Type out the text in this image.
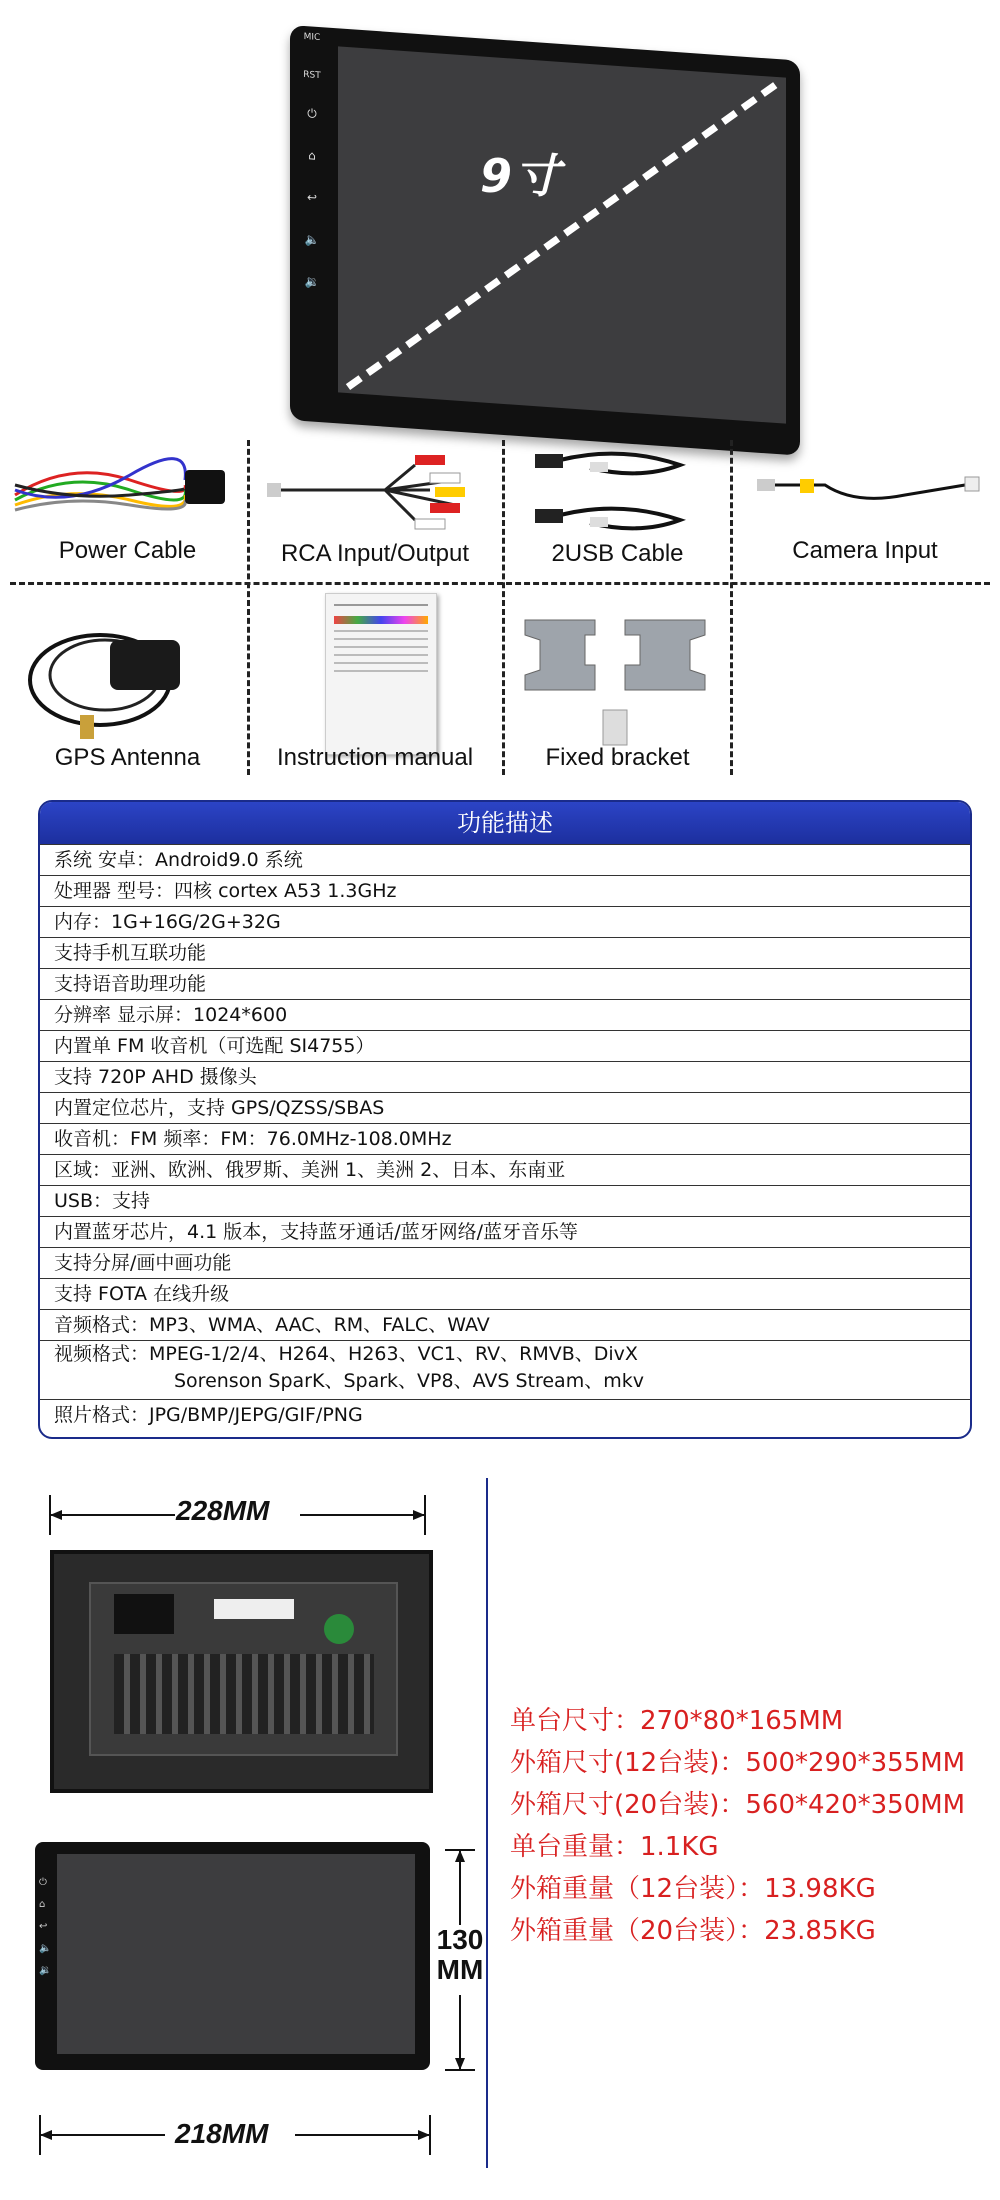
MIC
RST
⏻
⌂
↩
🔈
🔉
9寸
Power Cable	RCA Input/Output	2USB Cable	Camera Input
GPS Antenna	Instruction manual	Fixed bracket
功能描述
系统 安卓：Android9.0 系统
处理器 型号：四核 cortex A53 1.3GHz
内存：1G+16G/2G+32G
支持手机互联功能
支持语音助理功能
分辨率 显示屏：1024*600
内置单 FM 收音机（可选配 SI4755）
支持 720P AHD 摄像头
内置定位芯片，支持 GPS/QZSS/SBAS
收音机：FM 频率：FM：76.0MHz-108.0MHz
区域：亚洲、欧洲、俄罗斯、美洲 1、美洲 2、日本、东南亚
USB：支持
内置蓝牙芯片，4.1 版本，支持蓝牙通话/蓝牙网络/蓝牙音乐等
支持分屏/画中画功能
支持 FOTA 在线升级
音频格式：MP3、WMA、AAC、RM、FALC、WAV
视频格式：MPEG-1/2/4、H264、H263、VC1、RV、RMVB、DivX
Sorenson SparK、Spark、VP8、AVS Stream、mkv
照片格式：JPG/BMP/JEPG/GIF/PNG
228MM
⏻
⌂
↩
🔈
🔉
130
MM
218MM
单台尺寸：270*80*165MM
外箱尺寸(12台装)：500*290*355MM
外箱尺寸(20台装)：560*420*350MM
单台重量：1.1KG
外箱重量（12台装）：13.98KG
外箱重量（20台装）：23.85KG
